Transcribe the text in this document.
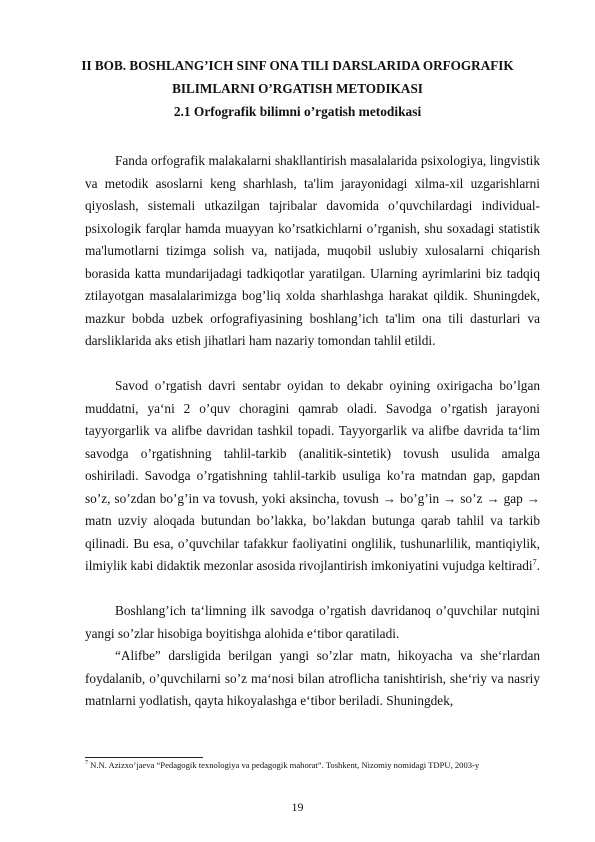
II BOB. BOSHLANG’ICH SINF ONA TILI DARSLARIDA ORFOGRAFIK
BILIMLARNI O’RGATISH METODIKASI
2.1 Orfografik bilimni o’rgatish metodikasi

Fanda orfografik malakalarni shakllantirish masalalarida psixologiya, lingvistik va metodik asoslarni keng sharhlash, ta'lim jarayonidagi xilma-xil uzgarishlarni qiyoslash, sistemali utkazilgan tajribalar davomida o’quvchilardagi individual-psixologik farqlar hamda muayyan ko’rsatkichlarni o’rganish, shu soxadagi statistik ma'lumotlarni tizimga solish va, natijada, muqobil uslubiy xulosalarni chiqarish borasida katta mundarijadagi tadkiqotlar yaratilgan. Ularning ayrimlarini biz tadqiq ztilayotgan masalalarimizga bog’liq xolda sharhlashga harakat qildik. Shuningdek, mazkur bobda uzbek orfografiyasining boshlang’ich ta'lim ona tili dasturlari va darsliklarida aks etish jihatlari ham nazariy tomondan tahlil etildi.

Savod o’rgatish davri sentabr oyidan to dekabr oyining oxirigacha bo’lgan muddatni, ya‘ni 2 o’quv choragini qamrab oladi. Savodga o’rgatish jarayoni tayyorgarlik va alifbe davridan tashkil topadi. Tayyorgarlik va alifbe davrida ta‘lim savodga o’rgatishning tahlil-tarkib (analitik-sintetik) tovush usulida amalga oshiriladi. Savodga o’rgatishning tahlil-tarkib usuliga ko’ra matndan gap, gapdan so’z, so’zdan bo’g’in va tovush, yoki aksincha, tovush → bo’g’in → so’z → gap → matn uzviy aloqada butundan bo’lakka, bo’lakdan butunga qarab tahlil va tarkib qilinadi. Bu esa, o’quvchilar tafakkur faoliyatini onglilik, tushunarlilik, mantiqiylik, ilmiylik kabi didaktik mezonlar asosida rivojlantirish imkoniyatini vujudga keltiradi$^7$.

Boshlang’ich ta‘limning ilk savodga o’rgatish davridanoq o’quvchilar nutqini yangi so’zlar hisobiga boyitishga alohida e‘tibor qaratiladi.

“Alifbe” darsligida berilgan yangi so’zlar matn, hikoyacha va she‘rlardan foydalanib, o’quvchilarni so’z ma‘nosi bilan atroflicha tanishtirish, she‘riy va nasriy matnlarni yodlatish, qayta hikoyalashga e‘tibor beriladi. Shuningdek,

$^7$ N.N. Azizxo’jaeva “Pedagogik texnologiya va pedagogik mahorat”. Toshkent, Nizomiy nomidagi TDPU, 2003-y
19
